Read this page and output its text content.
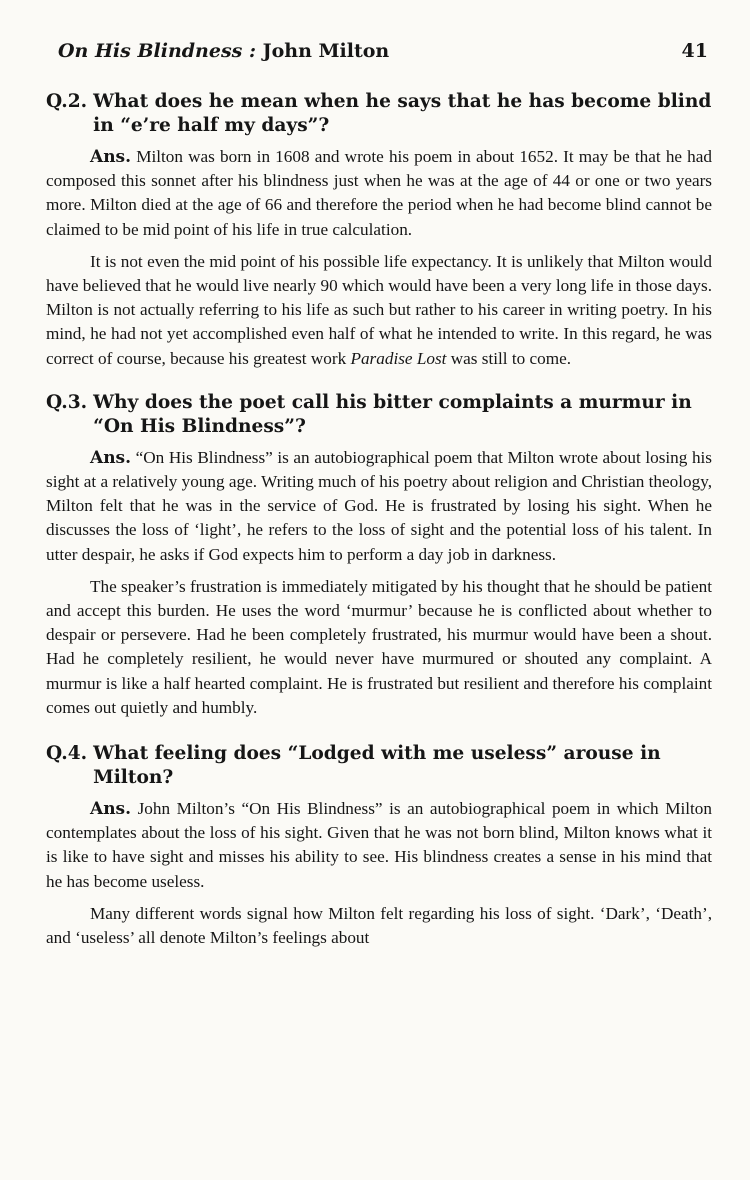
On His Blindness : John Milton	41
Q.2. What does he mean when he says that he has become blind in “e’re half my days”?

Ans. Milton was born in 1608 and wrote his poem in about 1652. It may be that he had composed this sonnet after his blindness just when he was at the age of 44 or one or two years more. Milton died at the age of 66 and therefore the period when he had become blind cannot be claimed to be mid point of his life in true calculation.

It is not even the mid point of his possible life expectancy. It is unlikely that Milton would have believed that he would live nearly 90 which would have been a very long life in those days. Milton is not actually referring to his life as such but rather to his career in writing poetry. In his mind, he had not yet accomplished even half of what he intended to write. In this regard, he was correct of course, because his greatest work Paradise Lost was still to come.

Q.3. Why does the poet call his bitter complaints a murmur in “On His Blindness”?

Ans. “On His Blindness” is an autobiographical poem that Milton wrote about losing his sight at a relatively young age. Writing much of his poetry about religion and Christian theology, Milton felt that he was in the service of God. He is frustrated by losing his sight. When he discusses the loss of ‘light’, he refers to the loss of sight and the potential loss of his talent. In utter despair, he asks if God expects him to perform a day job in darkness.

The speaker’s frustration is immediately mitigated by his thought that he should be patient and accept this burden. He uses the word ‘murmur’ because he is conflicted about whether to despair or persevere. Had he been completely frustrated, his murmur would have been a shout. Had he completely resilient, he would never have murmured or shouted any complaint. A murmur is like a half hearted complaint. He is frustrated but resilient and therefore his complaint comes out quietly and humbly.

Q.4. What feeling does “Lodged with me useless” arouse in Milton?

Ans. John Milton’s “On His Blindness” is an autobiographical poem in which Milton contemplates about the loss of his sight. Given that he was not born blind, Milton knows what it is like to have sight and misses his ability to see. His blindness creates a sense in his mind that he has become useless.

Many different words signal how Milton felt regarding his loss of sight. ‘Dark’, ‘Death’, and ‘useless’ all denote Milton’s feelings about
